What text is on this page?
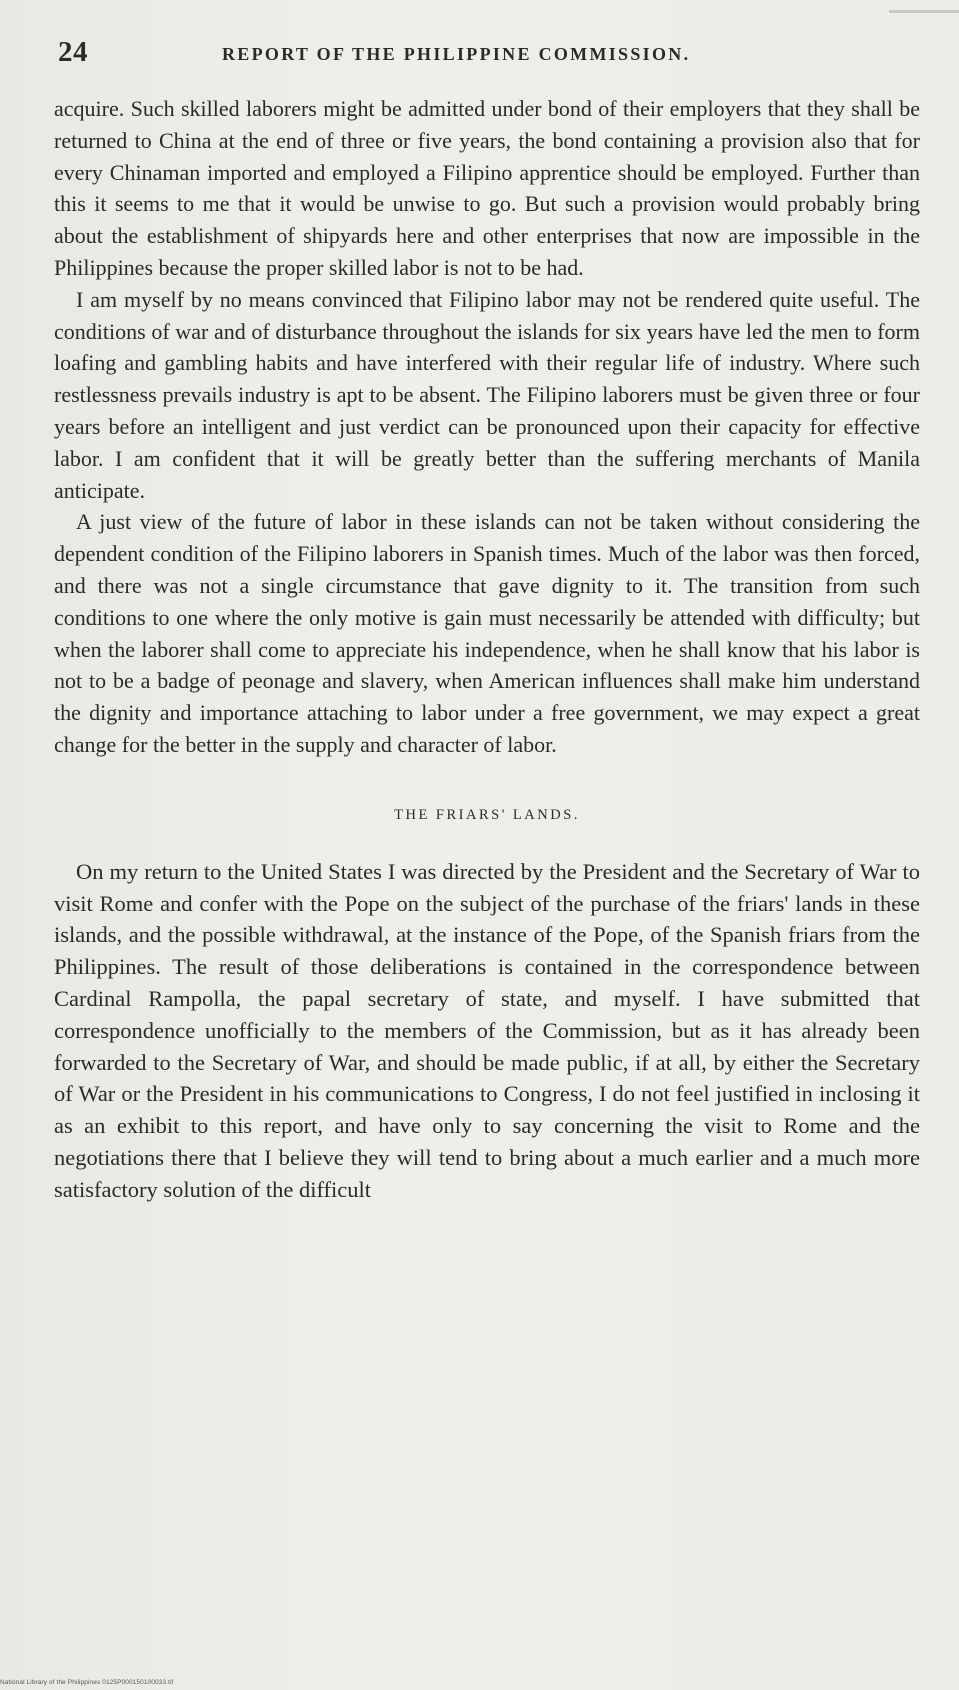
24	REPORT OF THE PHILIPPINE COMMISSION.

acquire. Such skilled laborers might be admitted under bond of their employers that they shall be returned to China at the end of three or five years, the bond containing a provision also that for every Chinaman imported and employed a Filipino apprentice should be employed. Further than this it seems to me that it would be unwise to go. But such a provision would probably bring about the establishment of shipyards here and other enterprises that now are impossible in the Philippines because the proper skilled labor is not to be had.

I am myself by no means convinced that Filipino labor may not be rendered quite useful. The conditions of war and of disturbance throughout the islands for six years have led the men to form loafing and gambling habits and have interfered with their regular life of industry. Where such restlessness prevails industry is apt to be absent. The Filipino laborers must be given three or four years before an intelligent and just verdict can be pronounced upon their capacity for effective labor. I am confident that it will be greatly better than the suffering merchants of Manila anticipate.

A just view of the future of labor in these islands can not be taken without considering the dependent condition of the Filipino laborers in Spanish times. Much of the labor was then forced, and there was not a single circumstance that gave dignity to it. The transition from such conditions to one where the only motive is gain must necessarily be attended with difficulty; but when the laborer shall come to appreciate his independence, when he shall know that his labor is not to be a badge of peonage and slavery, when American influences shall make him understand the dignity and importance attaching to labor under a free government, we may expect a great change for the better in the supply and character of labor.

THE FRIARS' LANDS.

On my return to the United States I was directed by the President and the Secretary of War to visit Rome and confer with the Pope on the subject of the purchase of the friars' lands in these islands, and the possible withdrawal, at the instance of the Pope, of the Spanish friars from the Philippines. The result of those deliberations is contained in the correspondence between Cardinal Rampolla, the papal secretary of state, and myself. I have submitted that correspondence unofficially to the members of the Commission, but as it has already been forwarded to the Secretary of War, and should be made public, if at all, by either the Secretary of War or the President in his communications to Congress, I do not feel justified in inclosing it as an exhibit to this report, and have only to say concerning the visit to Rome and the negotiations there that I believe they will tend to bring about a much earlier and a much more satisfactory solution of the difficult

National Library of the Philippines 0125P000150100033.tif
